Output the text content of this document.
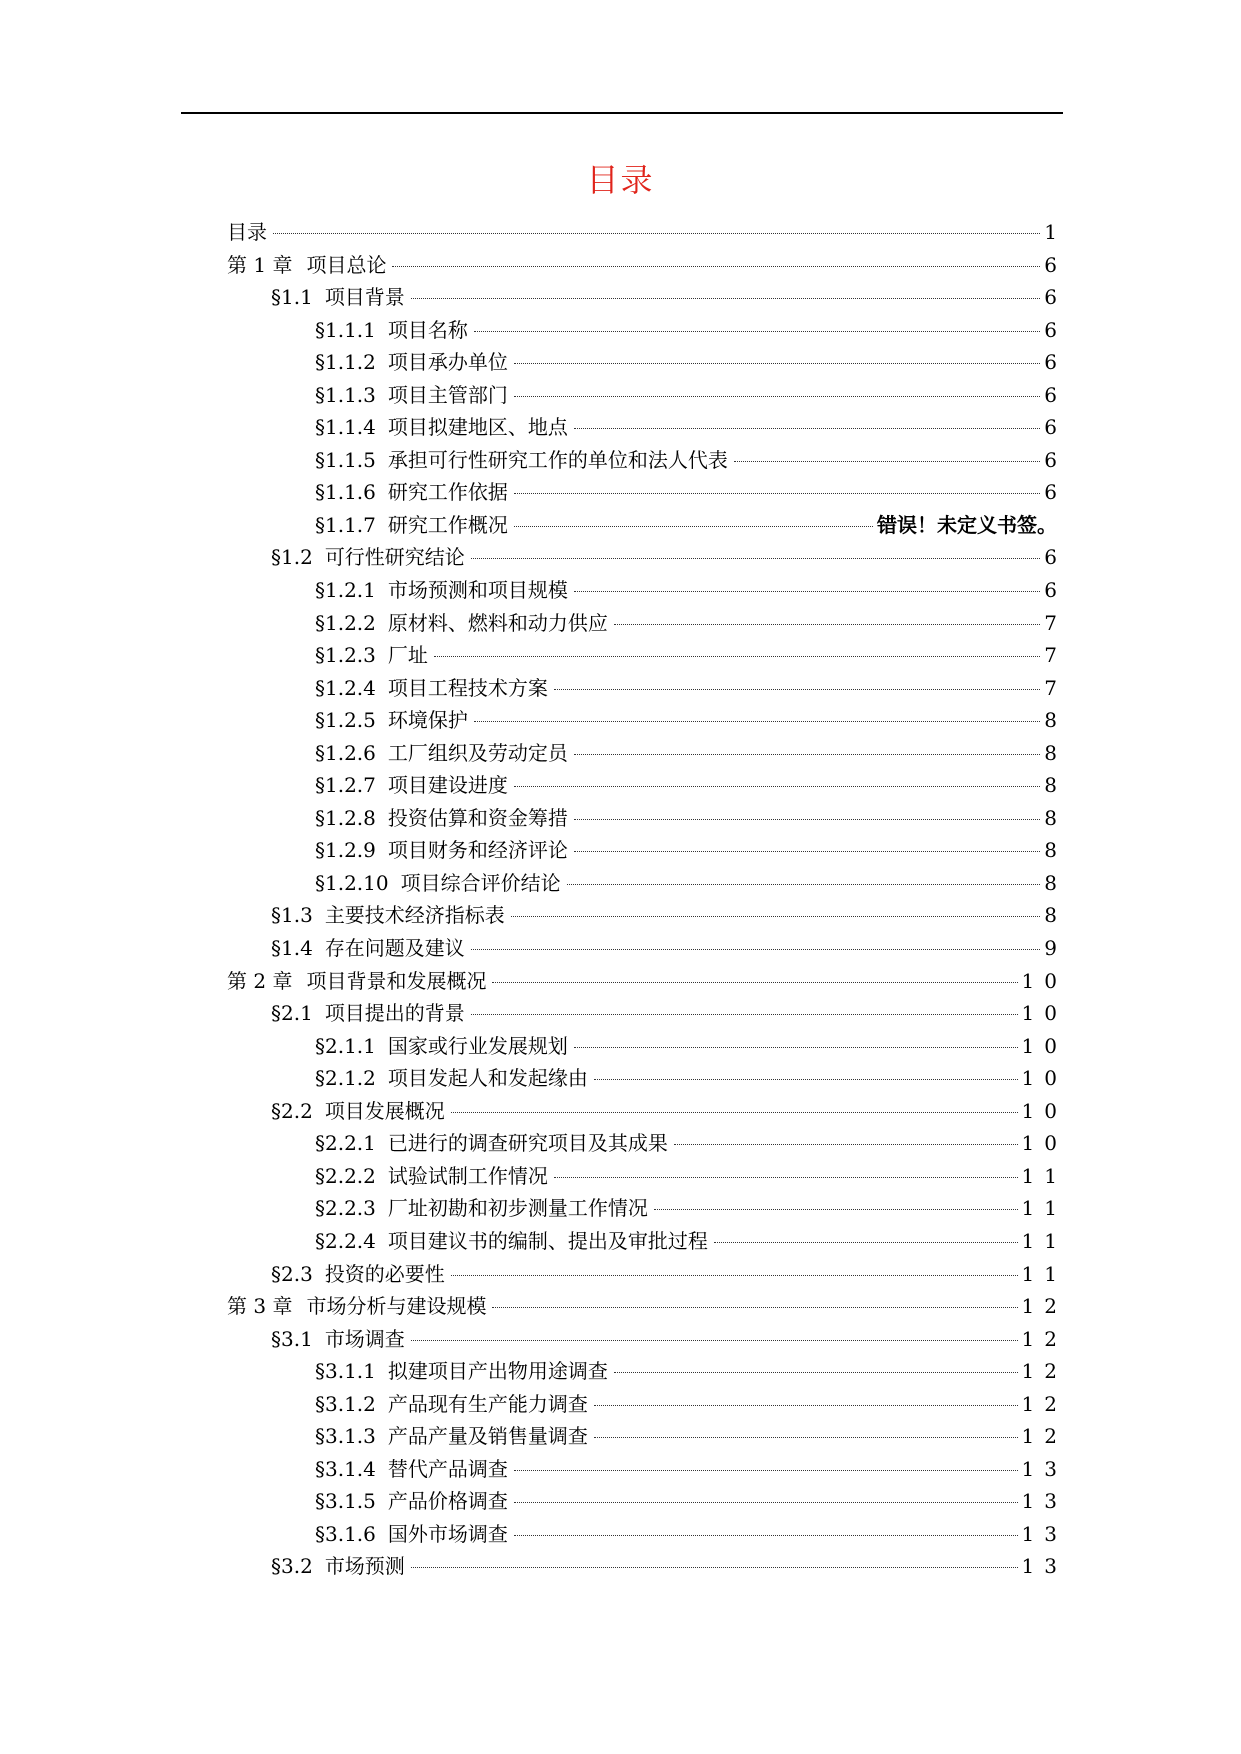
目录
目录	1
第 1 章 项目总论	6
§1.1 项目背景	6
§1.1.1 项目名称	6
§1.1.2 项目承办单位	6
§1.1.3 项目主管部门	6
§1.1.4 项目拟建地区、地点	6
§1.1.5 承担可行性研究工作的单位和法人代表	6
§1.1.6 研究工作依据	6
§1.1.7 研究工作概况	错误！未定义书签。
§1.2 可行性研究结论	6
§1.2.1 市场预测和项目规模	6
§1.2.2 原材料、燃料和动力供应	7
§1.2.3 厂址	7
§1.2.4 项目工程技术方案	7
§1.2.5 环境保护	8
§1.2.6 工厂组织及劳动定员	8
§1.2.7 项目建设进度	8
§1.2.8 投资估算和资金筹措	8
§1.2.9 项目财务和经济评论	8
§1.2.10 项目综合评价结论	8
§1.3 主要技术经济指标表	8
§1.4 存在问题及建议	9
第 2 章 项目背景和发展概况	10
§2.1 项目提出的背景	10
§2.1.1 国家或行业发展规划	10
§2.1.2 项目发起人和发起缘由	10
§2.2 项目发展概况	10
§2.2.1 已进行的调查研究项目及其成果	10
§2.2.2 试验试制工作情况	11
§2.2.3 厂址初勘和初步测量工作情况	11
§2.2.4 项目建议书的编制、提出及审批过程	11
§2.3 投资的必要性	11
第 3 章 市场分析与建设规模	12
§3.1 市场调查	12
§3.1.1 拟建项目产出物用途调查	12
§3.1.2 产品现有生产能力调查	12
§3.1.3 产品产量及销售量调查	12
§3.1.4 替代产品调查	13
§3.1.5 产品价格调查	13
§3.1.6 国外市场调查	13
§3.2 市场预测	13
